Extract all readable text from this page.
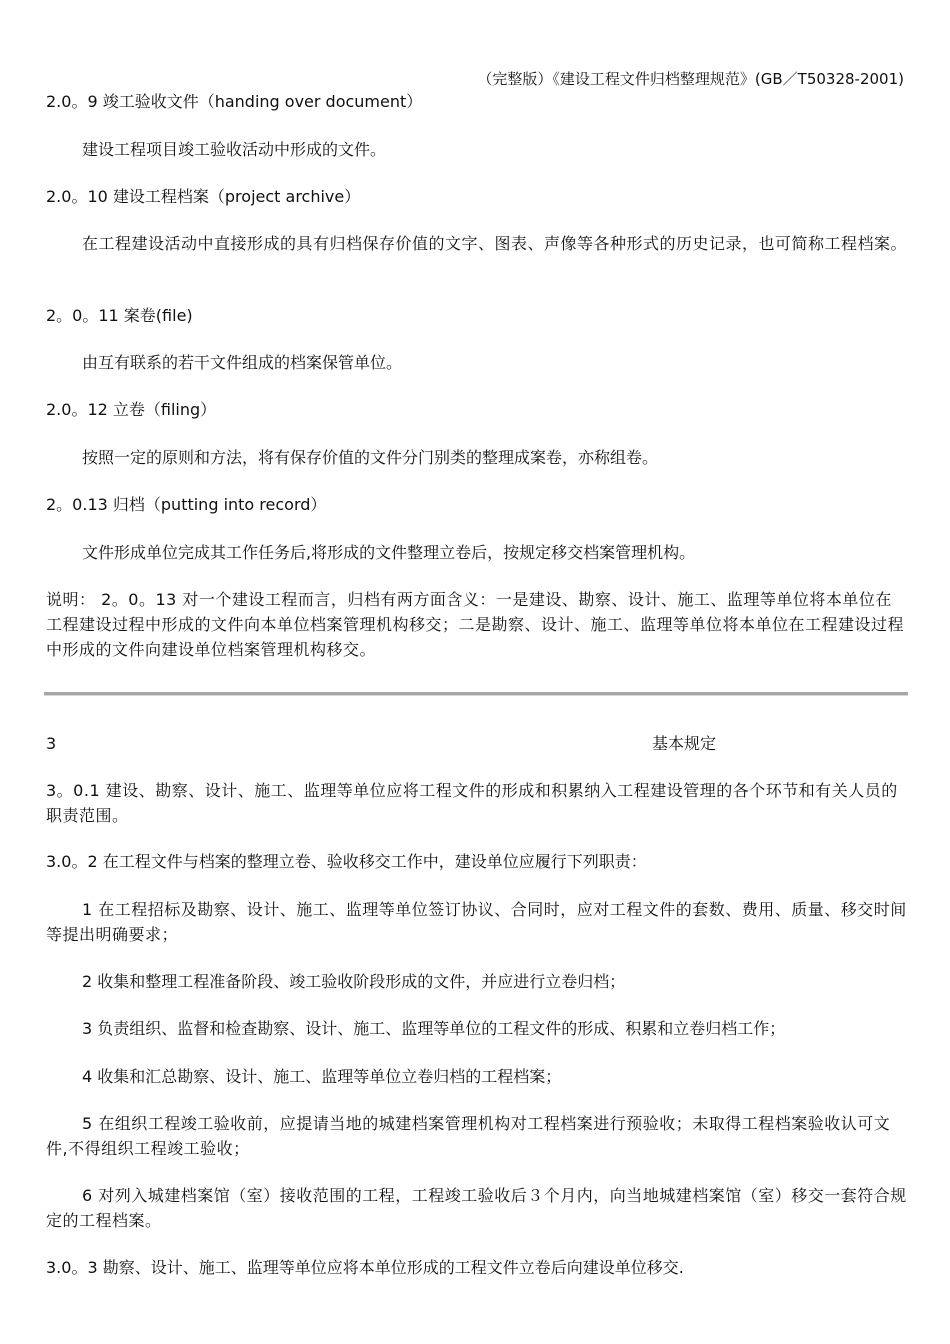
（完整版）《建设工程文件归档整理规范》(GB／T50328-2001)
2.0。9 竣工验收文件（handing over document）
建设工程项目竣工验收活动中形成的文件。
2.0。10 建设工程档案（project archive）
在工程建设活动中直接形成的具有归档保存价值的文字、图表、声像等各种形式的历史记录，也可简称工程档案。
2。0。11 案卷(file)
由互有联系的若干文件组成的档案保管单位。
2.0。12 立卷（filing）
按照一定的原则和方法，将有保存价值的文件分门别类的整理成案卷，亦称组卷。
2。0.13 归档（putting into record）
文件形成单位完成其工作任务后,将形成的文件整理立卷后，按规定移交档案管理机构。
说明： 2。0。13 对一个建设工程而言，归档有两方面含义：一是建设、勘察、设计、施工、监理等单位将本单位在工程建设过程中形成的文件向本单位档案管理机构移交；二是勘察、设计、施工、监理等单位将本单位在工程建设过程中形成的文件向建设单位档案管理机构移交。
3	基本规定
3。0.1 建设、勘察、设计、施工、监理等单位应将工程文件的形成和积累纳入工程建设管理的各个环节和有关人员的职责范围。
3.0。2 在工程文件与档案的整理立卷、验收移交工作中，建设单位应履行下列职责：
1 在工程招标及勘察、设计、施工、监理等单位签订协议、合同时，应对工程文件的套数、费用、质量、移交时间等提出明确要求；
2 收集和整理工程准备阶段、竣工验收阶段形成的文件，并应进行立卷归档；
3 负责组织、监督和检查勘察、设计、施工、监理等单位的工程文件的形成、积累和立卷归档工作；
4 收集和汇总勘察、设计、施工、监理等单位立卷归档的工程档案；
5 在组织工程竣工验收前，应提请当地的城建档案管理机构对工程档案进行预验收；未取得工程档案验收认可文件,不得组织工程竣工验收；
6 对列入城建档案馆（室）接收范围的工程，工程竣工验收后３个月内，向当地城建档案馆（室）移交一套符合规定的工程档案。
3.0。3 勘察、设计、施工、监理等单位应将本单位形成的工程文件立卷后向建设单位移交.
